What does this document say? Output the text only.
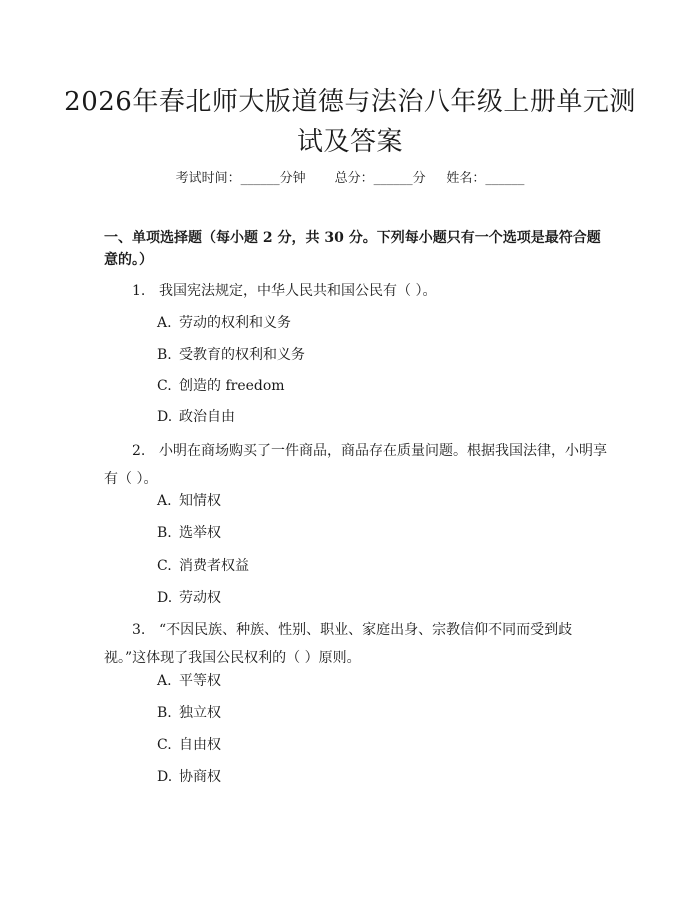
2026年春北师大版道德与法治八年级上册单元测试及答案
考试时间：______分钟 总分：______分 姓名：______
一、单项选择题（每小题 2 分，共 30 分。下列每小题只有一个选项是最符合题意的。）
1. 我国宪法规定，中华人民共和国公民有（ ）。
A. 劳动的权利和义务
B. 受教育的权利和义务
C. 创造的 freedom
D. 政治自由
2. 小明在商场购买了一件商品，商品存在质量问题。根据我国法律，小明享有（ ）。
A. 知情权
B. 选举权
C. 消费者权益
D. 劳动权
3. “不因民族、种族、性别、职业、家庭出身、宗教信仰不同而受到歧视。”这体现了我国公民权利的（ ）原则。
A. 平等权
B. 独立权
C. 自由权
D. 协商权
